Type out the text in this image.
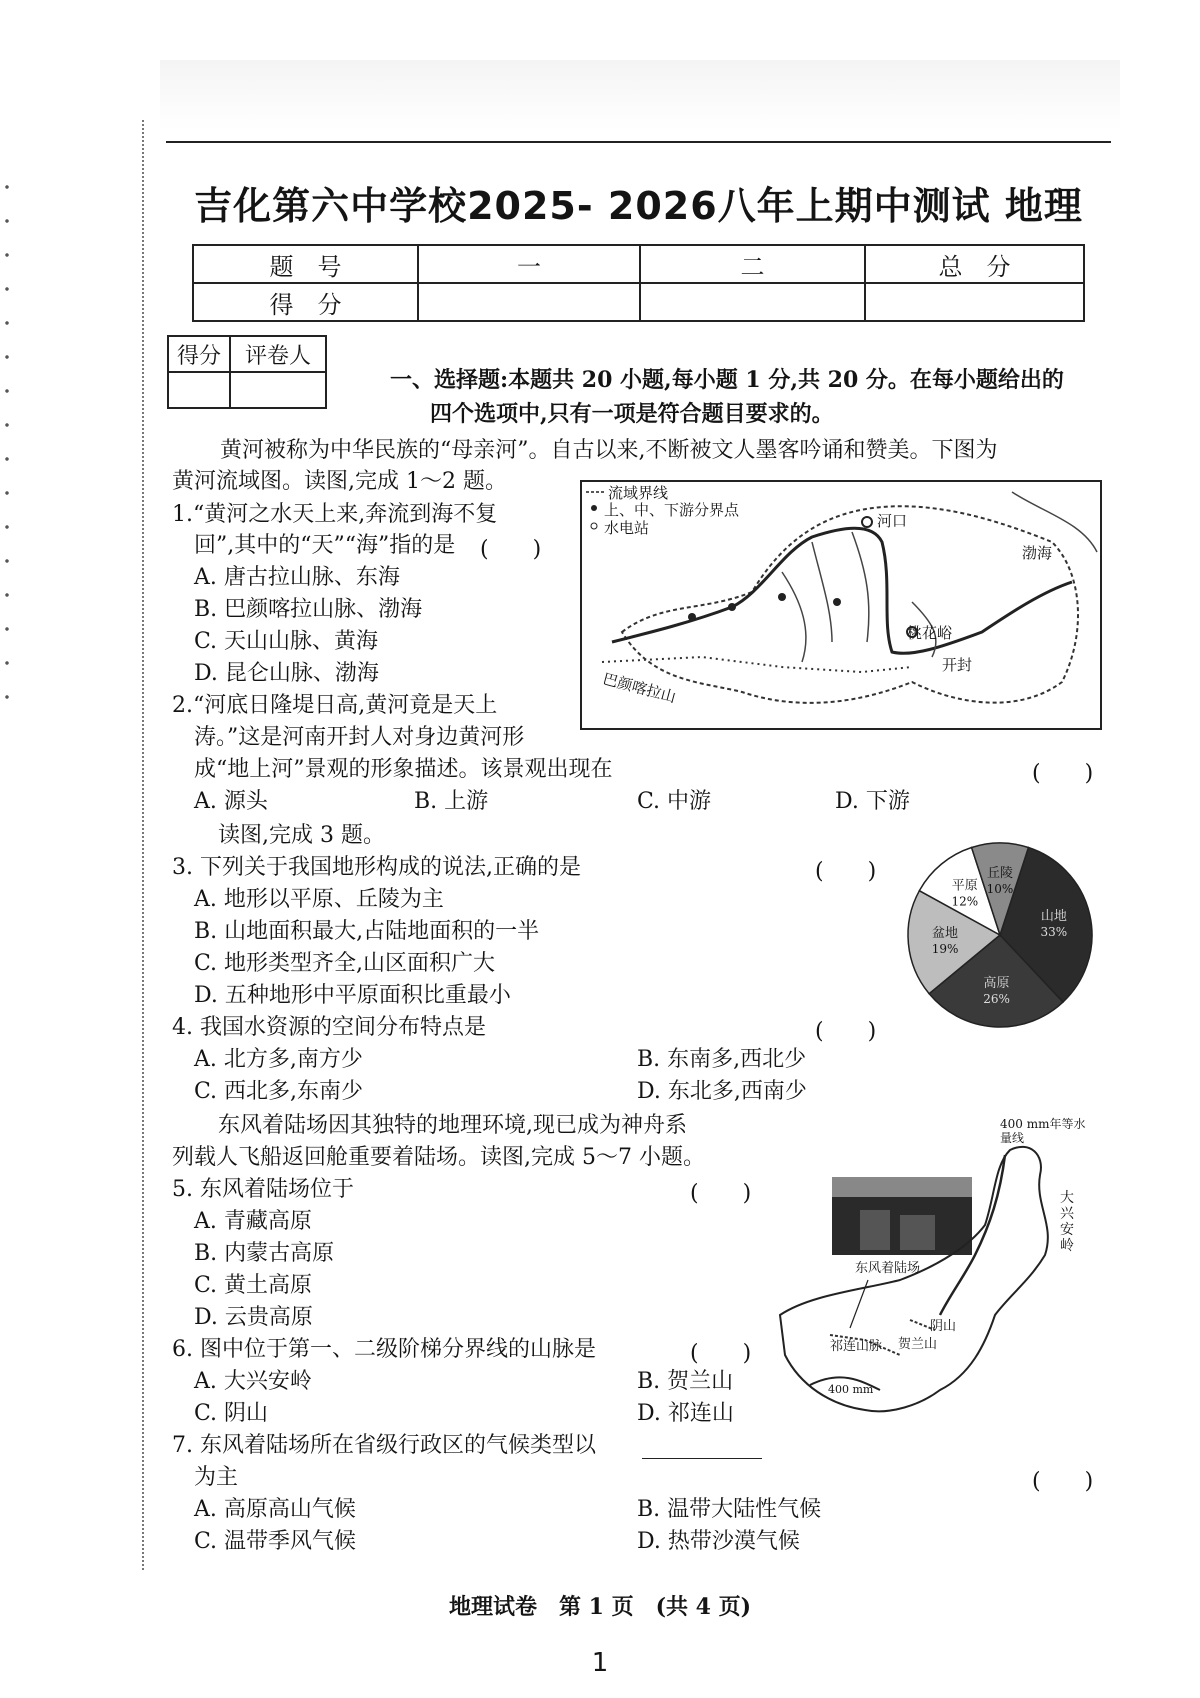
吉化第六中学校2025- 2026八年上期中测试 地理
题　号	一	二	总　分
得　分			
得分	评卷人

一、选择题:本题共 20 小题,每小题 1 分,共 20 分。在每小题给出的
四个选项中,只有一项是符合题目要求的。
黄河被称为中华民族的“母亲河”。自古以来,不断被文人墨客吟诵和赞美。下图为
黄河流域图。读图,完成 1～2 题。	流域界线
上、中、下游分界点
水电站	河口
渤海
桃花峪
开封
巴颜喀拉山
1.“黄河之水天上来,奔流到海不复
回”,其中的“天”“海”指的是 (　　)
A. 唐古拉山脉、东海
B. 巴颜喀拉山脉、渤海
C. 天山山脉、黄海
D. 昆仑山脉、渤海
2.“河底日隆堤日高,黄河竟是天上
涛。”这是河南开封人对身边黄河形
成“地上河”景观的形象描述。该景观出现在	(　　)
A. 源头	B. 上游	C. 中游	D. 下游
读图,完成 3 题。
3. 下列关于我国地形构成的说法,正确的是	(　　)
A. 地形以平原、丘陵为主
B. 山地面积最大,占陆地面积的一半
C. 地形类型齐全,山区面积广大
D. 五种地形中平原面积比重最小
山地
33%
高原
26%
盆地
19%
平原
12%
丘陵
10%
4. 我国水资源的空间分布特点是	(　　)
A. 北方多,南方少	B. 东南多,西北少
C. 西北多,东南少	D. 东北多,西南少
东风着陆场因其独特的地理环境,现已成为神舟系
列载人飞船返回舱重要着陆场。读图,完成 5～7 小题。
400 mm年等水量线
东风着陆场
大兴安岭
阴山
贺兰山
祁连山脉
400 mm
5. 东风着陆场位于	(　　)
A. 青藏高原
B. 内蒙古高原
C. 黄土高原
D. 云贵高原
6. 图中位于第一、二级阶梯分界线的山脉是	(　　)
A. 大兴安岭	B. 贺兰山
C. 阴山	D. 祁连山
7. 东风着陆场所在省级行政区的气候类型以
为主	(　　)
A. 高原高山气候	B. 温带大陆性气候
C. 温带季风气候	D. 热带沙漠气候
地理试卷　第 1 页　(共 4 页)
1
